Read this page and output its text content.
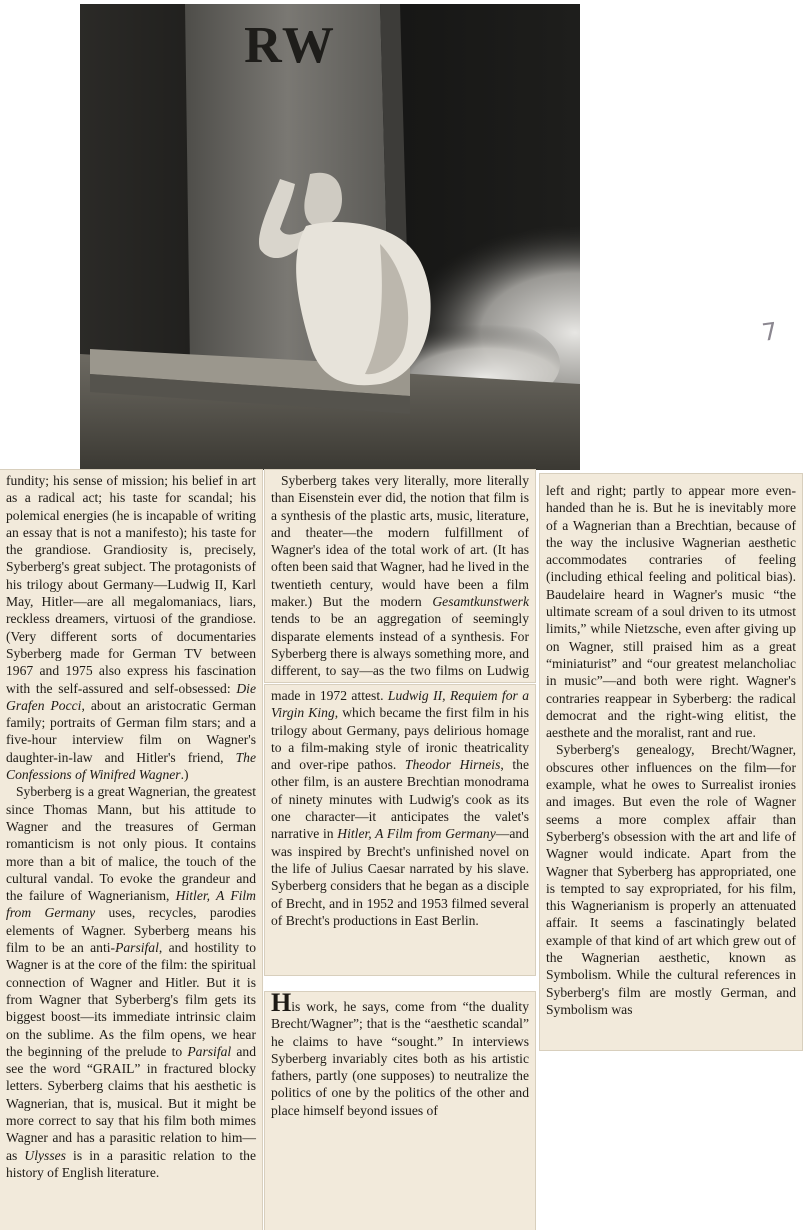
RW
7

fundity; his sense of mission; his belief in art as a radical act; his taste for scandal; his polemical energies (he is incapable of writing an essay that is not a manifesto); his taste for the grandiose. Grandiosity is, precisely, Syberberg's great subject. The protagonists of his trilogy about Germany—Ludwig II, Karl May, Hitler—are all megalomaniacs, liars, reckless dreamers, virtuosi of the grandiose. (Very different sorts of documentaries Syberberg made for German TV between 1967 and 1975 also express his fascination with the self-assured and self-obsessed: Die Grafen Pocci, about an aristocratic German family; portraits of German film stars; and a five-hour interview film on Wagner's daughter-in-law and Hitler's friend, The Confessions of Winifred Wagner.)

Syberberg is a great Wagnerian, the greatest since Thomas Mann, but his attitude to Wagner and the treasures of German romanticism is not only pious. It contains more than a bit of malice, the touch of the cultural vandal. To evoke the grandeur and the failure of Wagnerianism, Hitler, A Film from Germany uses, recycles, parodies elements of Wagner. Syberberg means his film to be an anti-Parsifal, and hostility to Wagner is at the core of the film: the spiritual connection of Wagner and Hitler. But it is from Wagner that Syberberg's film gets its biggest boost—its immediate intrinsic claim on the sublime. As the film opens, we hear the beginning of the prelude to Parsifal and see the word “GRAIL” in fractured blocky letters. Syberberg claims that his aesthetic is Wagnerian, that is, musical. But it might be more correct to say that his film both mimes Wagner and has a parasitic relation to him—as Ulysses is in a parasitic relation to the history of English literature.

Syberberg takes very literally, more literally than Eisenstein ever did, the notion that film is a synthesis of the plastic arts, music, literature, and theater—the modern fulfillment of Wagner's idea of the total work of art. (It has often been said that Wagner, had he lived in the twentieth century, would have been a film maker.) But the modern Gesamtkunstwerk tends to be an aggregation of seemingly disparate elements instead of a synthesis. For Syberberg there is always something more, and different, to say—as the two films on Ludwig

made in 1972 attest. Ludwig II, Requiem for a Virgin King, which became the first film in his trilogy about Germany, pays delirious homage to a film-making style of ironic theatricality and over-ripe pathos. Theodor Hirneis, the other film, is an austere Brechtian monodrama of ninety minutes with Ludwig's cook as its one character—it anticipates the valet's narrative in Hitler, A Film from Germany—and was inspired by Brecht's unfinished novel on the life of Julius Caesar narrated by his slave. Syberberg considers that he began as a disciple of Brecht, and in 1952 and 1953 filmed several of Brecht's productions in East Berlin.

His work, he says, come from “the duality Brecht/Wagner”; that is the “aesthetic scandal” he claims to have “sought.” In interviews Syberberg invariably cites both as his artistic fathers, partly (one supposes) to neutralize the politics of one by the politics of the other and place himself beyond issues of

left and right; partly to appear more even-handed than he is. But he is inevitably more of a Wagnerian than a Brechtian, because of the way the inclusive Wagnerian aesthetic accommodates contraries of feeling (including ethical feeling and political bias). Baudelaire heard in Wagner's music “the ultimate scream of a soul driven to its utmost limits,” while Nietzsche, even after giving up on Wagner, still praised him as a great “miniaturist” and “our greatest melancholiac in music”—and both were right. Wagner's contraries reappear in Syberberg: the radical democrat and the right-wing elitist, the aesthete and the moralist, rant and rue.

Syberberg's genealogy, Brecht/Wagner, obscures other influences on the film—for example, what he owes to Surrealist ironies and images. But even the role of Wagner seems a more complex affair than Syberberg's obsession with the art and life of Wagner would indicate. Apart from the Wagner that Syberberg has appropriated, one is tempted to say expropriated, for his film, this Wagnerianism is properly an attenuated affair. It seems a fascinatingly belated example of that kind of art which grew out of the Wagnerian aesthetic, known as Symbolism. While the cultural references in Syberberg's film are mostly German, and Symbolism was
